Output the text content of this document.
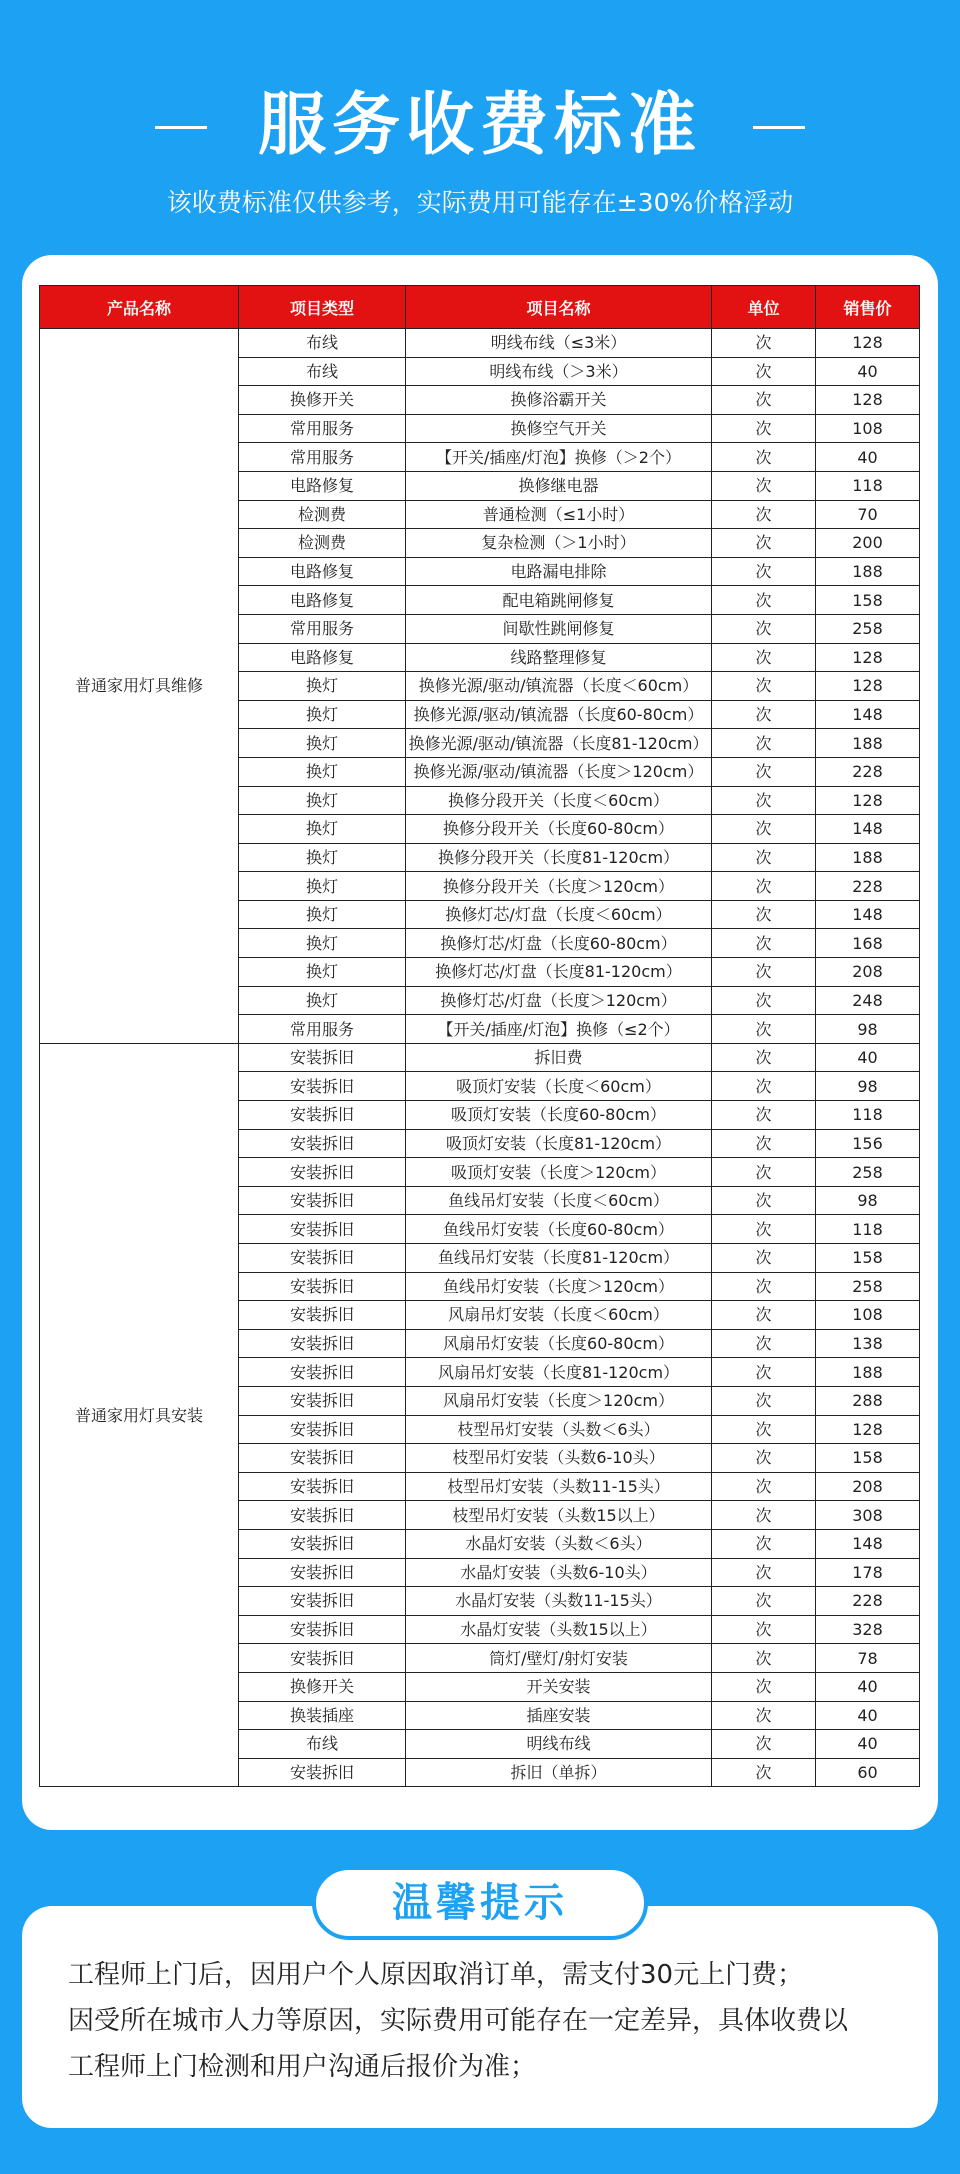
服务收费标准
该收费标准仅供参考，实际费用可能存在±30%价格浮动
产品名称	项目类型	项目名称	单位	销售价
普通家用灯具维修	布线	明线布线（≤3米）	次	128
	布线	明线布线（＞3米）	次	40
	换修开关	换修浴霸开关	次	128
	常用服务	换修空气开关	次	108
	常用服务	【开关/插座/灯泡】换修（＞2个）	次	40
	电路修复	换修继电器	次	118
	检测费	普通检测（≤1小时）	次	70
	检测费	复杂检测（＞1小时）	次	200
	电路修复	电路漏电排除	次	188
	电路修复	配电箱跳闸修复	次	158
	常用服务	间歇性跳闸修复	次	258
	电路修复	线路整理修复	次	128
	换灯	换修光源/驱动/镇流器（长度＜60cm）	次	128
	换灯	换修光源/驱动/镇流器（长度60-80cm）	次	148
	换灯	换修光源/驱动/镇流器（长度81-120cm）	次	188
	换灯	换修光源/驱动/镇流器（长度＞120cm）	次	228
	换灯	换修分段开关（长度＜60cm）	次	128
	换灯	换修分段开关（长度60-80cm）	次	148
	换灯	换修分段开关（长度81-120cm）	次	188
	换灯	换修分段开关（长度＞120cm）	次	228
	换灯	换修灯芯/灯盘（长度＜60cm）	次	148
	换灯	换修灯芯/灯盘（长度60-80cm）	次	168
	换灯	换修灯芯/灯盘（长度81-120cm）	次	208
	换灯	换修灯芯/灯盘（长度＞120cm）	次	248
	常用服务	【开关/插座/灯泡】换修（≤2个）	次	98
普通家用灯具安装	安装拆旧	拆旧费	次	40
	安装拆旧	吸顶灯安装（长度＜60cm）	次	98
	安装拆旧	吸顶灯安装（长度60-80cm）	次	118
	安装拆旧	吸顶灯安装（长度81-120cm）	次	156
	安装拆旧	吸顶灯安装（长度＞120cm）	次	258
	安装拆旧	鱼线吊灯安装（长度＜60cm）	次	98
	安装拆旧	鱼线吊灯安装（长度60-80cm）	次	118
	安装拆旧	鱼线吊灯安装（长度81-120cm）	次	158
	安装拆旧	鱼线吊灯安装（长度＞120cm）	次	258
	安装拆旧	风扇吊灯安装（长度＜60cm）	次	108
	安装拆旧	风扇吊灯安装（长度60-80cm）	次	138
	安装拆旧	风扇吊灯安装（长度81-120cm）	次	188
	安装拆旧	风扇吊灯安装（长度＞120cm）	次	288
	安装拆旧	枝型吊灯安装（头数＜6头）	次	128
	安装拆旧	枝型吊灯安装（头数6-10头）	次	158
	安装拆旧	枝型吊灯安装（头数11-15头）	次	208
	安装拆旧	枝型吊灯安装（头数15以上）	次	308
	安装拆旧	水晶灯安装（头数＜6头）	次	148
	安装拆旧	水晶灯安装（头数6-10头）	次	178
	安装拆旧	水晶灯安装（头数11-15头）	次	228
	安装拆旧	水晶灯安装（头数15以上）	次	328
	安装拆旧	筒灯/壁灯/射灯安装	次	78
	换修开关	开关安装	次	40
	换装插座	插座安装	次	40
	布线	明线布线	次	40
	安装拆旧	拆旧（单拆）	次	60
工程师上门后，因用户个人原因取消订单，需支付30元上门费；
因受所在城市人力等原因，实际费用可能存在一定差异，具体收费以
工程师上门检测和用户沟通后报价为准；
温馨提示
